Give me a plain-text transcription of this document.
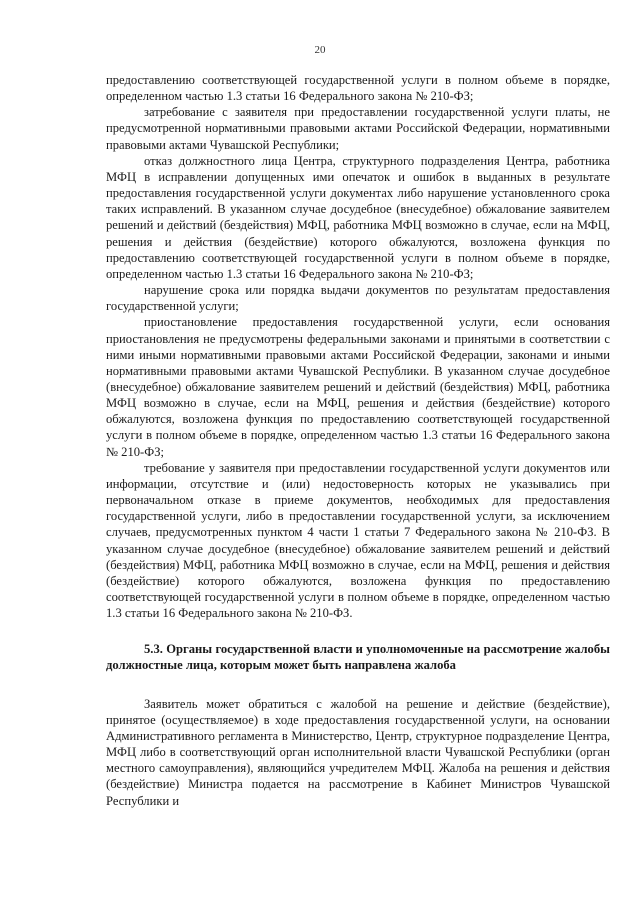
20

предоставлению соответствующей государственной услуги в полном объеме в порядке, определенном частью 1.3 статьи 16 Федерального закона № 210-ФЗ;

затребование с заявителя при предоставлении государственной услуги платы, не предусмотренной нормативными правовыми актами Российской Федерации, нормативными правовыми актами Чувашской Республики;

отказ должностного лица Центра, структурного подразделения Центра, работника МФЦ в исправлении допущенных ими опечаток и ошибок в выданных в результате предоставления государственной услуги документах либо нарушение установленного срока таких исправлений. В указанном случае досудебное (внесудебное) обжалование заявителем решений и действий (бездействия) МФЦ, работника МФЦ возможно в случае, если на МФЦ, решения и действия (бездействие) которого обжалуются, возложена функция по предоставлению соответствующей государственной услуги в полном объеме в порядке, определенном частью 1.3 статьи 16 Федерального закона № 210-ФЗ;

нарушение срока или порядка выдачи документов по результатам предоставления государственной услуги;

приостановление предоставления государственной услуги, если основания приостановления не предусмотрены федеральными законами и принятыми в соответствии с ними иными нормативными правовыми актами Российской Федерации, законами и иными нормативными правовыми актами Чувашской Республики. В указанном случае досудебное (внесудебное) обжалование заявителем решений и действий (бездействия) МФЦ, работника МФЦ возможно в случае, если на МФЦ, решения и действия (бездействие) которого обжалуются, возложена функция по предоставлению соответствующей государственной услуги в полном объеме в порядке, определенном частью 1.3 статьи 16 Федерального закона № 210-ФЗ;

требование у заявителя при предоставлении государственной услуги документов или информации, отсутствие и (или) недостоверность которых не указывались при первоначальном отказе в приеме документов, необходимых для предоставления государственной услуги, либо в предоставлении государственной услуги, за исключением случаев, предусмотренных пунктом 4 части 1 статьи 7 Федерального закона № 210-ФЗ. В указанном случае досудебное (внесудебное) обжалование заявителем решений и действий (бездействия) МФЦ, работника МФЦ возможно в случае, если на МФЦ, решения и действия (бездействие) которого обжалуются, возложена функция по предоставлению соответствующей государственной услуги в полном объеме в порядке, определенном частью 1.3 статьи 16 Федерального закона № 210-ФЗ.

5.3. Органы государственной власти и уполномоченные на рассмотрение жалобы должностные лица, которым может быть направлена жалоба

Заявитель может обратиться с жалобой на решение и действие (бездействие), принятое (осуществляемое) в ходе предоставления государственной услуги, на основании Административного регламента в Министерство, Центр, структурное подразделение Центра, МФЦ либо в соответствующий орган исполнительной власти Чувашской Республики (орган местного самоуправления), являющийся учредителем МФЦ. Жалоба на решения и действия (бездействие) Министра подается на рассмотрение в Кабинет Министров Чувашской Республики и
